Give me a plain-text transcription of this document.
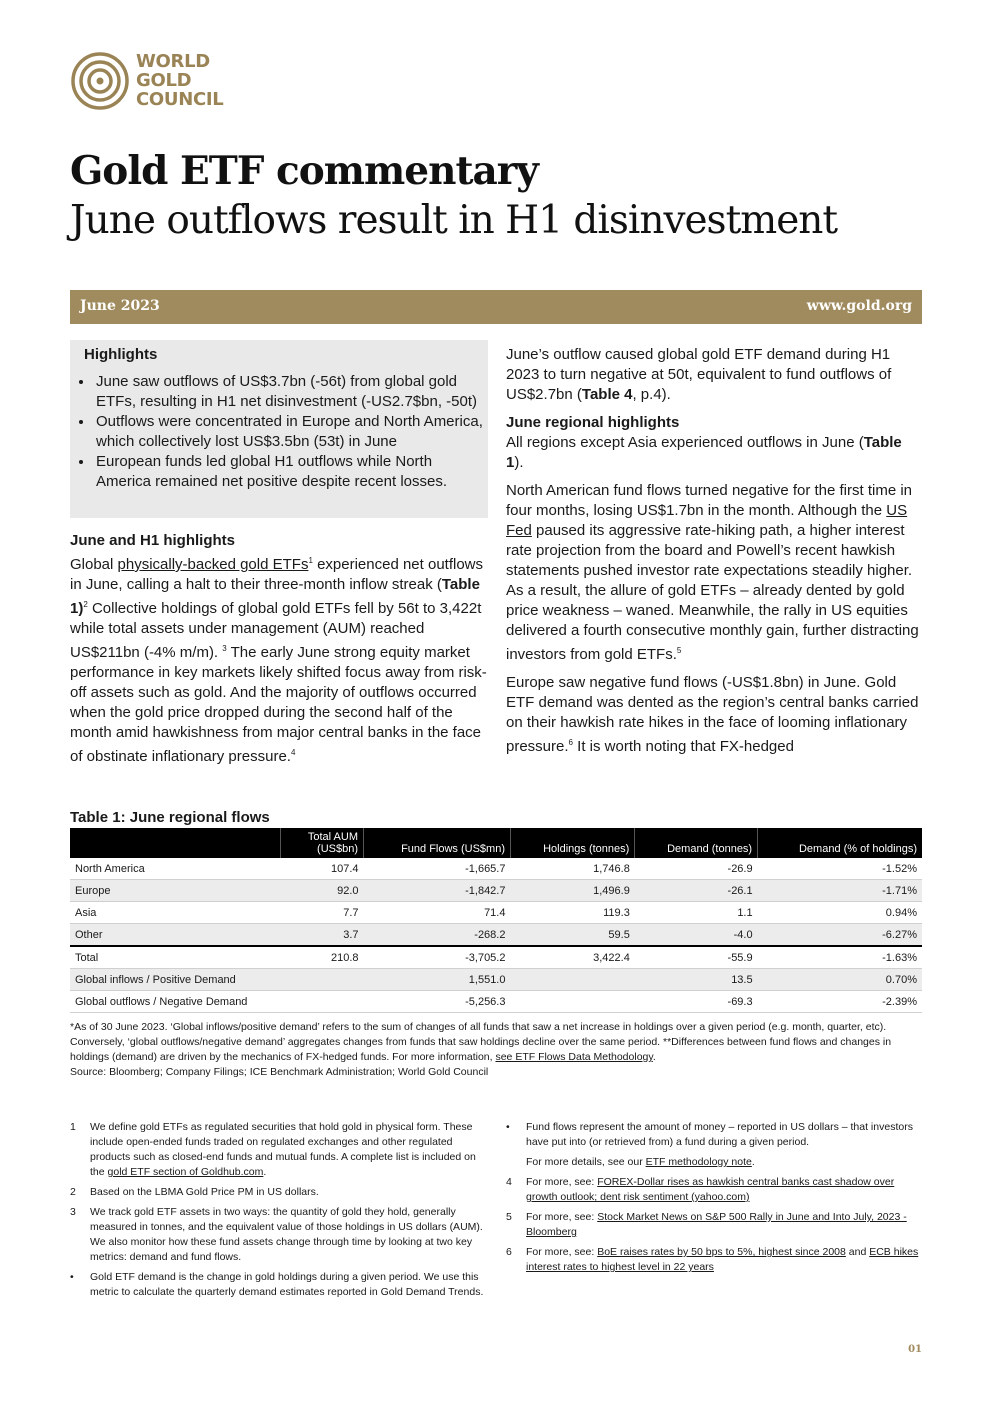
WORLD
GOLD
COUNCIL
Gold ETF commentary
June outflows result in H1 disinvestment
June 2023	www.gold.org
Highlights
• June saw outflows of US$3.7bn (-56t) from global gold ETFs, resulting in H1 net disinvestment (-US2.7$bn, -50t)
• Outflows were concentrated in Europe and North America, which collectively lost US$3.5bn (53t) in June
• European funds led global H1 outflows while North America remained net positive despite recent losses.
June and H1 highlights

Global physically-backed gold ETFs$^1$ experienced net outflows in June, calling a halt to their three-month inflow streak (Table 1)$^2$ Collective holdings of global gold ETFs fell by 56t to 3,422t while total assets under management (AUM) reached US$211bn (-4% m/m). $^3$ The early June strong equity market performance in key markets likely shifted focus away from risk-off assets such as gold. And the majority of outflows occurred when the gold price dropped during the second half of the month amid hawkishness from major central banks in the face of obstinate inflationary pressure.$^4$

June’s outflow caused global gold ETF demand during H1 2023 to turn negative at 50t, equivalent to fund outflows of US$2.7bn (Table 4, p.4).

June regional highlights

All regions except Asia experienced outflows in June (Table 1).

North American fund flows turned negative for the first time in four months, losing US$1.7bn in the month. Although the US Fed paused its aggressive rate-hiking path, a higher interest rate projection from the board and Powell’s recent hawkish statements pushed investor rate expectations steadily higher. As a result, the allure of gold ETFs – already dented by gold price weakness – waned. Meanwhile, the rally in US equities delivered a fourth consecutive monthly gain, further distracting investors from gold ETFs.$^5$

Europe saw negative fund flows (-US$1.8bn) in June. Gold ETF demand was dented as the region’s central banks carried on their hawkish rate hikes in the face of looming inflationary pressure.$^6$ It is worth noting that FX-hedged

Table 1: June regional flows
	Total AUM (US$bn)	Fund Flows (US$mn)	Holdings (tonnes)	Demand (tonnes)	Demand (% of holdings)
North America	107.4	-1,665.7	1,746.8	-26.9	-1.52%
Europe	92.0	-1,842.7	1,496.9	-26.1	-1.71%
Asia	7.7	71.4	119.3	1.1	0.94%
Other	3.7	-268.2	59.5	-4.0	-6.27%
Total	210.8	-3,705.2	3,422.4	-55.9	-1.63%
Global inflows / Positive Demand		1,551.0		13.5	0.70%
Global outflows / Negative Demand		-5,256.3		-69.3	-2.39%
*As of 30 June 2023. ‘Global inflows/positive demand’ refers to the sum of changes of all funds that saw a net increase in holdings over a given period (e.g. month, quarter, etc). Conversely, ‘global outflows/negative demand’ aggregates changes from funds that saw holdings decline over the same period. **Differences between fund flows and changes in holdings (demand) are driven by the mechanics of FX-hedged funds. For more information, see ETF Flows Data Methodology.
Source: Bloomberg; Company Filings; ICE Benchmark Administration; World Gold Council
1 We define gold ETFs as regulated securities that hold gold in physical form. These include open-ended funds traded on regulated exchanges and other regulated products such as closed-end funds and mutual funds. A complete list is included on the gold ETF section of Goldhub.com.
2 Based on the LBMA Gold Price PM in US dollars.
3 We track gold ETF assets in two ways: the quantity of gold they hold, generally measured in tonnes, and the equivalent value of those holdings in US dollars (AUM). We also monitor how these fund assets change through time by looking at two key metrics: demand and fund flows.
• Gold ETF demand is the change in gold holdings during a given period. We use this metric to calculate the quarterly demand estimates reported in Gold Demand Trends.
• Fund flows represent the amount of money – reported in US dollars – that investors have put into (or retrieved from) a fund during a given period.
For more details, see our ETF methodology note.
4 For more, see: FOREX-Dollar rises as hawkish central banks cast shadow over growth outlook; dent risk sentiment (yahoo.com)
5 For more, see: Stock Market News on S&P 500 Rally in June and Into July, 2023 - Bloomberg
6 For more, see: BoE raises rates by 50 bps to 5%, highest since 2008 and ECB hikes interest rates to highest level in 22 years
01
